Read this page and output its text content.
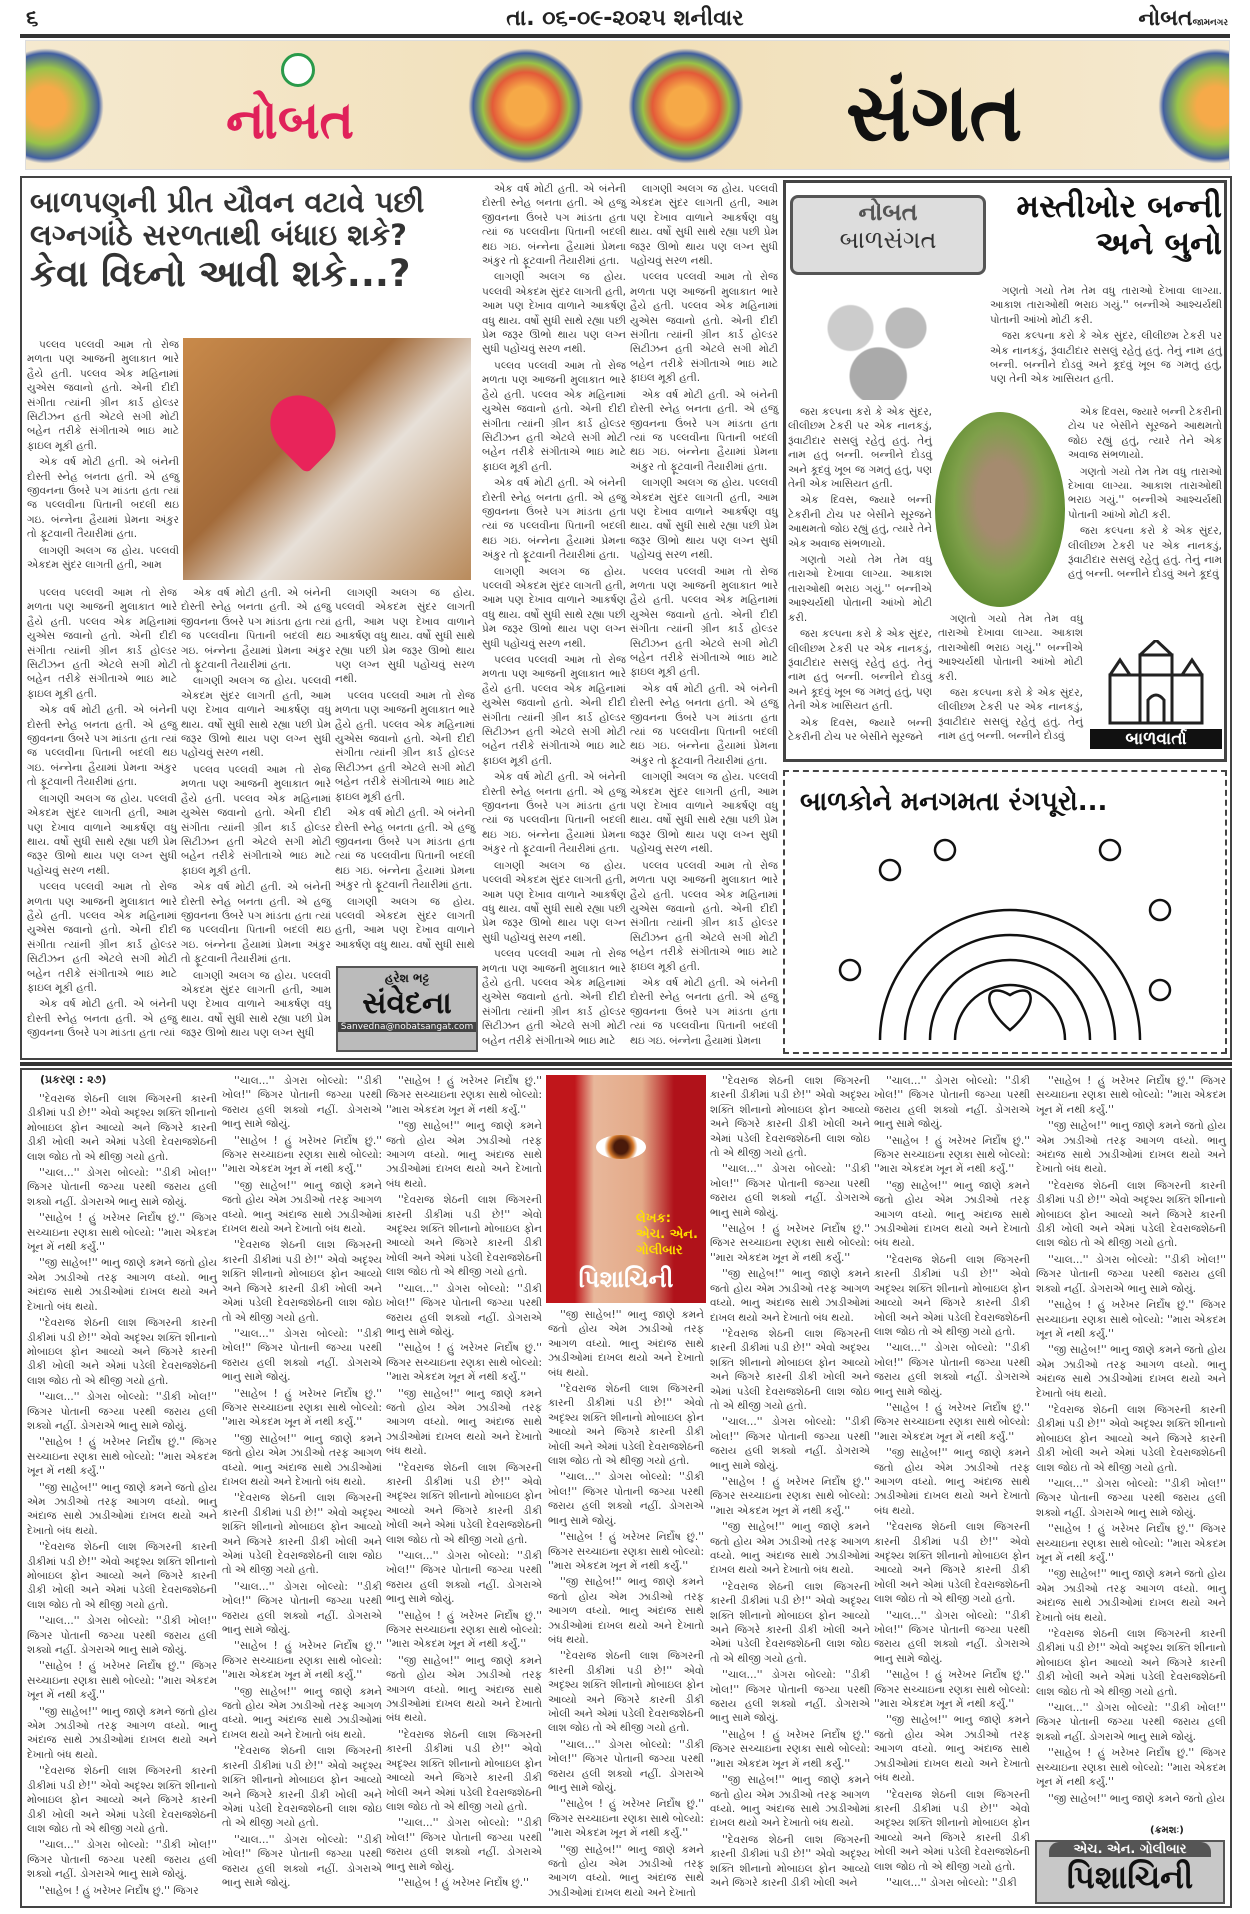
૬	તા. ૦૬-૦૯-૨૦૨૫ શનીવાર	નોબતજામનગર
નોબત	સંગત
બાળપણની પ્રીત યૌવન વટાવે પછી
લગ્નગાંઠે સરળતાથી બંધાઇ શકે?
કેવા વિઘ્નો આવી શકે...?

પલ્લવ પલ્લવી આમ તો રોજ મળતા પણ આજની મુલાકાત ભારે હૈયે હતી. પલ્લવ એક મહિનામાં યુએસ જવાનો હતો. એની દીદી સંગીતા ત્યાંની ગ્રીન કાર્ડ હોલ્ડર સિટીઝન હતી એટલે સગી મોટી બહેન તરીકે સંગીતાએ ભાઇ માટે ફાઇલ મૂકી હતી.

એક વર્ષ મોટી હતી. એ બંનેની દોસ્તી સ્નેહ બનતા હતી. એ હજુ જીવનના ઉંબરે પગ માંડતા હતા ત્યાં જ પલ્લવીના પિતાની બદલી થઇ ગઇ. બંન્નેના હૈયામાં પ્રેમના અંકુર તો ફૂટવાની તૈયારીમાં હતા.

લાગણી અલગ જ હોય. પલ્લવી એકદમ સુંદર લાગતી હતી, આમ

એક વર્ષ મોટી હતી. એ બંનેની દોસ્તી સ્નેહ બનતા હતી. એ હજુ જીવનના ઉંબરે પગ માંડતા હતા ત્યાં જ પલ્લવીના પિતાની બદલી થઇ ગઇ. બંન્નેના હૈયામાં પ્રેમના અંકુર તો ફૂટવાની તૈયારીમાં હતા.

લાગણી અલગ જ હોય. પલ્લવી એકદમ સુંદર લાગતી હતી, આમ પણ દેખાવ વાળાને આકર્ષણ વધુ થાય. વર્ષો સુધી સાથે રહ્યા પછી પ્રેમ જરૂર ઊભો થાય પણ લગ્ન સુધી પહોંચવું સરળ નથી.

પલ્લવ પલ્લવી આમ તો રોજ મળતા પણ આજની મુલાકાત ભારે હૈયે હતી. પલ્લવ એક મહિનામાં યુએસ જવાનો હતો. એની દીદી સંગીતા ત્યાંની ગ્રીન કાર્ડ હોલ્ડર સિટીઝન હતી એટલે સગી મોટી બહેન તરીકે સંગીતાએ ભાઇ માટે ફાઇલ મૂકી હતી.

એક વર્ષ મોટી હતી. એ બંનેની દોસ્તી સ્નેહ બનતા હતી. એ હજુ જીવનના ઉંબરે પગ માંડતા હતા ત્યાં જ પલ્લવીના પિતાની બદલી થઇ ગઇ. બંન્નેના હૈયામાં પ્રેમના અંકુર તો ફૂટવાની તૈયારીમાં હતા.

લાગણી અલગ જ હોય. પલ્લવી એકદમ સુંદર લાગતી હતી, આમ પણ દેખાવ વાળાને આકર્ષણ વધુ થાય. વર્ષો સુધી સાથે રહ્યા પછી પ્રેમ જરૂર ઊભો થાય પણ લગ્ન સુધી પહોંચવું સરળ નથી.

પલ્લવ પલ્લવી આમ તો રોજ મળતા પણ આજની મુલાકાત ભારે હૈયે હતી. પલ્લવ એક મહિનામાં યુએસ જવાનો હતો. એની દીદી સંગીતા ત્યાંની ગ્રીન કાર્ડ હોલ્ડર સિટીઝન હતી એટલે સગી મોટી બહેન તરીકે સંગીતાએ ભાઇ માટે ફાઇલ મૂકી હતી.

એક વર્ષ મોટી હતી. એ બંનેની દોસ્તી સ્નેહ બનતા હતી. એ હજુ જીવનના ઉંબરે પગ માંડતા હતા ત્યાં જ પલ્લવીના પિતાની બદલી થઇ ગઇ. બંન્નેના હૈયામાં પ્રેમના અંકુર તો ફૂટવાની તૈયારીમાં હતા.

લાગણી અલગ જ હોય. પલ્લવી એકદમ સુંદર લાગતી હતી, આમ પણ દેખાવ વાળાને આકર્ષણ વધુ થાય. વર્ષો સુધી સાથે રહ્યા પછી પ્રેમ જરૂર ઊભો થાય પણ લગ્ન સુધી પહોંચવું સરળ નથી.

પલ્લવ પલ્લવી આમ તો રોજ મળતા પણ આજની મુલાકાત ભારે હૈયે હતી. પલ્લવ એક મહિનામાં યુએસ જવાનો હતો. એની દીદી સંગીતા ત્યાંની ગ્રીન કાર્ડ હોલ્ડર સિટીઝન હતી એટલે સગી મોટી બહેન તરીકે સંગીતાએ ભાઇ માટે

લાગણી અલગ જ હોય. પલ્લવી એકદમ સુંદર લાગતી હતી, આમ પણ દેખાવ વાળાને આકર્ષણ વધુ થાય. વર્ષો સુધી સાથે રહ્યા પછી પ્રેમ જરૂર ઊભો થાય પણ લગ્ન સુધી પહોંચવું સરળ નથી.

પલ્લવ પલ્લવી આમ તો રોજ મળતા પણ આજની મુલાકાત ભારે હૈયે હતી. પલ્લવ એક મહિનામાં યુએસ જવાનો હતો. એની દીદી સંગીતા ત્યાંની ગ્રીન કાર્ડ હોલ્ડર સિટીઝન હતી એટલે સગી મોટી બહેન તરીકે સંગીતાએ ભાઇ માટે ફાઇલ મૂકી હતી.

એક વર્ષ મોટી હતી. એ બંનેની દોસ્તી સ્નેહ બનતા હતી. એ હજુ જીવનના ઉંબરે પગ માંડતા હતા ત્યાં જ પલ્લવીના પિતાની બદલી થઇ ગઇ. બંન્નેના હૈયામાં પ્રેમના અંકુર તો ફૂટવાની તૈયારીમાં હતા.

લાગણી અલગ જ હોય. પલ્લવી એકદમ સુંદર લાગતી હતી, આમ પણ દેખાવ વાળાને આકર્ષણ વધુ થાય. વર્ષો સુધી સાથે રહ્યા પછી પ્રેમ જરૂર ઊભો થાય પણ લગ્ન સુધી પહોંચવું સરળ નથી.

પલ્લવ પલ્લવી આમ તો રોજ મળતા પણ આજની મુલાકાત ભારે હૈયે હતી. પલ્લવ એક મહિનામાં યુએસ જવાનો હતો. એની દીદી સંગીતા ત્યાંની ગ્રીન કાર્ડ હોલ્ડર સિટીઝન હતી એટલે સગી મોટી બહેન તરીકે સંગીતાએ ભાઇ માટે ફાઇલ મૂકી હતી.

એક વર્ષ મોટી હતી. એ બંનેની દોસ્તી સ્નેહ બનતા હતી. એ હજુ જીવનના ઉંબરે પગ માંડતા હતા ત્યાં જ પલ્લવીના પિતાની બદલી થઇ ગઇ. બંન્નેના હૈયામાં પ્રેમના અંકુર તો ફૂટવાની તૈયારીમાં હતા.

લાગણી અલગ જ હોય. પલ્લવી એકદમ સુંદર લાગતી હતી, આમ પણ દેખાવ વાળાને આકર્ષણ વધુ થાય. વર્ષો સુધી સાથે રહ્યા પછી પ્રેમ જરૂર ઊભો થાય પણ લગ્ન સુધી પહોંચવું સરળ નથી.

પલ્લવ પલ્લવી આમ તો રોજ મળતા પણ આજની મુલાકાત ભારે હૈયે હતી. પલ્લવ એક મહિનામાં યુએસ જવાનો હતો. એની દીદી સંગીતા ત્યાંની ગ્રીન કાર્ડ હોલ્ડર સિટીઝન હતી એટલે સગી મોટી બહેન તરીકે સંગીતાએ ભાઇ માટે ફાઇલ મૂકી હતી.

એક વર્ષ મોટી હતી. એ બંનેની દોસ્તી સ્નેહ બનતા હતી. એ હજુ જીવનના ઉંબરે પગ માંડતા હતા ત્યાં જ પલ્લવીના પિતાની બદલી થઇ ગઇ. બંન્નેના હૈયામાં પ્રેમના

પલ્લવ પલ્લવી આમ તો રોજ મળતા પણ આજની મુલાકાત ભારે હૈયે હતી. પલ્લવ એક મહિનામાં યુએસ જવાનો હતો. એની દીદી સંગીતા ત્યાંની ગ્રીન કાર્ડ હોલ્ડર સિટીઝન હતી એટલે સગી મોટી બહેન તરીકે સંગીતાએ ભાઇ માટે ફાઇલ મૂકી હતી.

એક વર્ષ મોટી હતી. એ બંનેની દોસ્તી સ્નેહ બનતા હતી. એ હજુ જીવનના ઉંબરે પગ માંડતા હતા ત્યાં જ પલ્લવીના પિતાની બદલી થઇ ગઇ. બંન્નેના હૈયામાં પ્રેમના અંકુર તો ફૂટવાની તૈયારીમાં હતા.

લાગણી અલગ જ હોય. પલ્લવી એકદમ સુંદર લાગતી હતી, આમ પણ દેખાવ વાળાને આકર્ષણ વધુ થાય. વર્ષો સુધી સાથે રહ્યા પછી પ્રેમ જરૂર ઊભો થાય પણ લગ્ન સુધી પહોંચવું સરળ નથી.

પલ્લવ પલ્લવી આમ તો રોજ મળતા પણ આજની મુલાકાત ભારે હૈયે હતી. પલ્લવ એક મહિનામાં યુએસ જવાનો હતો. એની દીદી સંગીતા ત્યાંની ગ્રીન કાર્ડ હોલ્ડર સિટીઝન હતી એટલે સગી મોટી બહેન તરીકે સંગીતાએ ભાઇ માટે ફાઇલ મૂકી હતી.

એક વર્ષ મોટી હતી. એ બંનેની દોસ્તી સ્નેહ બનતા હતી. એ હજુ જીવનના ઉંબરે પગ માંડતા હતા ત્યાં

એક વર્ષ મોટી હતી. એ બંનેની દોસ્તી સ્નેહ બનતા હતી. એ હજુ જીવનના ઉંબરે પગ માંડતા હતા ત્યાં જ પલ્લવીના પિતાની બદલી થઇ ગઇ. બંન્નેના હૈયામાં પ્રેમના અંકુર તો ફૂટવાની તૈયારીમાં હતા.

લાગણી અલગ જ હોય. પલ્લવી એકદમ સુંદર લાગતી હતી, આમ પણ દેખાવ વાળાને આકર્ષણ વધુ થાય. વર્ષો સુધી સાથે રહ્યા પછી પ્રેમ જરૂર ઊભો થાય પણ લગ્ન સુધી પહોંચવું સરળ નથી.

પલ્લવ પલ્લવી આમ તો રોજ મળતા પણ આજની મુલાકાત ભારે હૈયે હતી. પલ્લવ એક મહિનામાં યુએસ જવાનો હતો. એની દીદી સંગીતા ત્યાંની ગ્રીન કાર્ડ હોલ્ડર સિટીઝન હતી એટલે સગી મોટી બહેન તરીકે સંગીતાએ ભાઇ માટે ફાઇલ મૂકી હતી.

એક વર્ષ મોટી હતી. એ બંનેની દોસ્તી સ્નેહ બનતા હતી. એ હજુ જીવનના ઉંબરે પગ માંડતા હતા ત્યાં જ પલ્લવીના પિતાની બદલી થઇ ગઇ. બંન્નેના હૈયામાં પ્રેમના અંકુર તો ફૂટવાની તૈયારીમાં હતા.

લાગણી અલગ જ હોય. પલ્લવી એકદમ સુંદર લાગતી હતી, આમ પણ દેખાવ વાળાને આકર્ષણ વધુ થાય. વર્ષો સુધી સાથે રહ્યા પછી પ્રેમ જરૂર ઊભો થાય પણ લગ્ન સુધી

લાગણી અલગ જ હોય. પલ્લવી એકદમ સુંદર લાગતી હતી, આમ પણ દેખાવ વાળાને આકર્ષણ વધુ થાય. વર્ષો સુધી સાથે રહ્યા પછી પ્રેમ જરૂર ઊભો થાય પણ લગ્ન સુધી પહોંચવું સરળ નથી.

પલ્લવ પલ્લવી આમ તો રોજ મળતા પણ આજની મુલાકાત ભારે હૈયે હતી. પલ્લવ એક મહિનામાં યુએસ જવાનો હતો. એની દીદી સંગીતા ત્યાંની ગ્રીન કાર્ડ હોલ્ડર સિટીઝન હતી એટલે સગી મોટી બહેન તરીકે સંગીતાએ ભાઇ માટે ફાઇલ મૂકી હતી.

એક વર્ષ મોટી હતી. એ બંનેની દોસ્તી સ્નેહ બનતા હતી. એ હજુ જીવનના ઉંબરે પગ માંડતા હતા ત્યાં જ પલ્લવીના પિતાની બદલી થઇ ગઇ. બંન્નેના હૈયામાં પ્રેમના અંકુર તો ફૂટવાની તૈયારીમાં હતા.

લાગણી અલગ જ હોય. પલ્લવી એકદમ સુંદર લાગતી હતી, આમ પણ દેખાવ વાળાને આકર્ષણ વધુ થાય. વર્ષો સુધી સાથે

હરેશ ભટ્ટ
સંવેદના
Sanvedna@nobatsangat.com
નોબત
બાળસંગત
મસ્તીખોર બન્ની
અને બુનો

ગણતો ગયો તેમ તેમ વધુ તારાઓ દેખાવા લાગ્યા. આકાશ તારાઓથી ભરાઇ ગયું.'' બન્નીએ આશ્ચર્યથી પોતાની આંખો મોટી કરી.

જરા કલ્પના કરો કે એક સુંદર, લીલીછમ ટેકરી પર એક નાનકડું, રૂંવાટીદાર સસલું રહેતું હતું. તેનું નામ હતું બન્ની. બન્નીને દોડવું અને કૂદવું ખૂબ જ ગમતું હતું, પણ તેની એક ખાસિયત હતી.

જરા કલ્પના કરો કે એક સુંદર, લીલીછમ ટેકરી પર એક નાનકડું, રૂંવાટીદાર સસલું રહેતું હતું. તેનું નામ હતું બન્ની. બન્નીને દોડવું અને કૂદવું ખૂબ જ ગમતું હતું, પણ તેની એક ખાસિયત હતી.

એક દિવસ, જ્યારે બન્ની ટેકરીની ટોચ પર બેસીને સૂરજને આથમતો જોઇ રહ્યું હતું, ત્યારે તેને એક અવાજ સંભળાયો.

ગણતો ગયો તેમ તેમ વધુ તારાઓ દેખાવા લાગ્યા. આકાશ તારાઓથી ભરાઇ ગયું.'' બન્નીએ આશ્ચર્યથી પોતાની આંખો મોટી કરી.

જરા કલ્પના કરો કે એક સુંદર, લીલીછમ ટેકરી પર એક નાનકડું, રૂંવાટીદાર સસલું રહેતું હતું. તેનું નામ હતું બન્ની. બન્નીને દોડવું અને કૂદવું ખૂબ જ ગમતું હતું, પણ તેની એક ખાસિયત હતી.

એક દિવસ, જ્યારે બન્ની ટેકરીની ટોચ પર બેસીને સૂરજને

એક દિવસ, જ્યારે બન્ની ટેકરીની ટોચ પર બેસીને સૂરજને આથમતો જોઇ રહ્યું હતું, ત્યારે તેને એક અવાજ સંભળાયો.

ગણતો ગયો તેમ તેમ વધુ તારાઓ દેખાવા લાગ્યા. આકાશ તારાઓથી ભરાઇ ગયું.'' બન્નીએ આશ્ચર્યથી પોતાની આંખો મોટી કરી.

જરા કલ્પના કરો કે એક સુંદર, લીલીછમ ટેકરી પર એક નાનકડું, રૂંવાટીદાર સસલું રહેતું હતું. તેનું નામ હતું બન્ની. બન્નીને દોડવું અને કૂદવું

ગણતો ગયો તેમ તેમ વધુ તારાઓ દેખાવા લાગ્યા. આકાશ તારાઓથી ભરાઇ ગયું.'' બન્નીએ આશ્ચર્યથી પોતાની આંખો મોટી કરી.

જરા કલ્પના કરો કે એક સુંદર, લીલીછમ ટેકરી પર એક નાનકડું, રૂંવાટીદાર સસલું રહેતું હતું. તેનું નામ હતું બન્ની. બન્નીને દોડવું	બાળવાર્તા
બાળકોને મનગમતા રંગપૂરો...
(પ્રકરણ : ૨૭)

''દેવરાજ શેઠની લાશ જિગરની કારની ડીકીમાં પડી છે!'' એવો અદૃશ્ય શક્તિ શીનાનો મોબાઇલ ફોન આવ્યો અને જિગરે કારની ડીકી ખોલી અને એમાં પડેલી દેવરાજશેઠની લાશ જોઇ તો એ થીજી ગયો હતો.

''ચાલ...'' ડોગરા બોલ્યો: ''ડીકી ખોલ!'' જિગર પોતાની જગ્યા પરથી જરાય હલી શક્યો નહીં. ડોગરાએ ભાનુ સામે જોયું.

''સાહેબ ! હું ખરેખર નિર્દોષ છું.'' જિગર સચ્ચાઇના રણકા સાથે બોલ્યો: ''મારા એકદમ ખૂન મેં નથી કર્યું.''

''જી સાહેબ!'' ભાનુ જાણે કમને જતો હોય એમ ઝાડીઓ તરફ આગળ વધ્યો. ભાનુ અંદાજ સાથે ઝાડીઓમાં દાખલ થયો અને દેખાતો બંધ થયો.

''દેવરાજ શેઠની લાશ જિગરની કારની ડીકીમાં પડી છે!'' એવો અદૃશ્ય શક્તિ શીનાનો મોબાઇલ ફોન આવ્યો અને જિગરે કારની ડીકી ખોલી અને એમાં પડેલી દેવરાજશેઠની લાશ જોઇ તો એ થીજી ગયો હતો.

''ચાલ...'' ડોગરા બોલ્યો: ''ડીકી ખોલ!'' જિગર પોતાની જગ્યા પરથી જરાય હલી શક્યો નહીં. ડોગરાએ ભાનુ સામે જોયું.

''સાહેબ ! હું ખરેખર નિર્દોષ છું.'' જિગર સચ્ચાઇના રણકા સાથે બોલ્યો: ''મારા એકદમ ખૂન મેં નથી કર્યું.''

''જી સાહેબ!'' ભાનુ જાણે કમને જતો હોય એમ ઝાડીઓ તરફ આગળ વધ્યો. ભાનુ અંદાજ સાથે ઝાડીઓમાં દાખલ થયો અને દેખાતો બંધ થયો.

''દેવરાજ શેઠની લાશ જિગરની કારની ડીકીમાં પડી છે!'' એવો અદૃશ્ય શક્તિ શીનાનો મોબાઇલ ફોન આવ્યો અને જિગરે કારની ડીકી ખોલી અને એમાં પડેલી દેવરાજશેઠની લાશ જોઇ તો એ થીજી ગયો હતો.

''ચાલ...'' ડોગરા બોલ્યો: ''ડીકી ખોલ!'' જિગર પોતાની જગ્યા પરથી જરાય હલી શક્યો નહીં. ડોગરાએ ભાનુ સામે જોયું.

''સાહેબ ! હું ખરેખર નિર્દોષ છું.'' જિગર સચ્ચાઇના રણકા સાથે બોલ્યો: ''મારા એકદમ ખૂન મેં નથી કર્યું.''

''જી સાહેબ!'' ભાનુ જાણે કમને જતો હોય એમ ઝાડીઓ તરફ આગળ વધ્યો. ભાનુ અંદાજ સાથે ઝાડીઓમાં દાખલ થયો અને દેખાતો બંધ થયો.

''દેવરાજ શેઠની લાશ જિગરની કારની ડીકીમાં પડી છે!'' એવો અદૃશ્ય શક્તિ શીનાનો મોબાઇલ ફોન આવ્યો અને જિગરે કારની ડીકી ખોલી અને એમાં પડેલી દેવરાજશેઠની લાશ જોઇ તો એ થીજી ગયો હતો.

''ચાલ...'' ડોગરા બોલ્યો: ''ડીકી ખોલ!'' જિગર પોતાની જગ્યા પરથી જરાય હલી શક્યો નહીં. ડોગરાએ ભાનુ સામે જોયું.

''સાહેબ ! હું ખરેખર નિર્દોષ છું.'' જિગર

''ચાલ...'' ડોગરા બોલ્યો: ''ડીકી ખોલ!'' જિગર પોતાની જગ્યા પરથી જરાય હલી શક્યો નહીં. ડોગરાએ ભાનુ સામે જોયું.

''સાહેબ ! હું ખરેખર નિર્દોષ છું.'' જિગર સચ્ચાઇના રણકા સાથે બોલ્યો: ''મારા એકદમ ખૂન મેં નથી કર્યું.''

''જી સાહેબ!'' ભાનુ જાણે કમને જતો હોય એમ ઝાડીઓ તરફ આગળ વધ્યો. ભાનુ અંદાજ સાથે ઝાડીઓમાં દાખલ થયો અને દેખાતો બંધ થયો.

''દેવરાજ શેઠની લાશ જિગરની કારની ડીકીમાં પડી છે!'' એવો અદૃશ્ય શક્તિ શીનાનો મોબાઇલ ફોન આવ્યો અને જિગરે કારની ડીકી ખોલી અને એમાં પડેલી દેવરાજશેઠની લાશ જોઇ તો એ થીજી ગયો હતો.

''ચાલ...'' ડોગરા બોલ્યો: ''ડીકી ખોલ!'' જિગર પોતાની જગ્યા પરથી જરાય હલી શક્યો નહીં. ડોગરાએ ભાનુ સામે જોયું.

''સાહેબ ! હું ખરેખર નિર્દોષ છું.'' જિગર સચ્ચાઇના રણકા સાથે બોલ્યો: ''મારા એકદમ ખૂન મેં નથી કર્યું.''

''જી સાહેબ!'' ભાનુ જાણે કમને જતો હોય એમ ઝાડીઓ તરફ આગળ વધ્યો. ભાનુ અંદાજ સાથે ઝાડીઓમાં દાખલ થયો અને દેખાતો બંધ થયો.

''દેવરાજ શેઠની લાશ જિગરની કારની ડીકીમાં પડી છે!'' એવો અદૃશ્ય શક્તિ શીનાનો મોબાઇલ ફોન આવ્યો અને જિગરે કારની ડીકી ખોલી અને એમાં પડેલી દેવરાજશેઠની લાશ જોઇ તો એ થીજી ગયો હતો.

''ચાલ...'' ડોગરા બોલ્યો: ''ડીકી ખોલ!'' જિગર પોતાની જગ્યા પરથી જરાય હલી શક્યો નહીં. ડોગરાએ ભાનુ સામે જોયું.

''સાહેબ ! હું ખરેખર નિર્દોષ છું.'' જિગર સચ્ચાઇના રણકા સાથે બોલ્યો: ''મારા એકદમ ખૂન મેં નથી કર્યું.''

''જી સાહેબ!'' ભાનુ જાણે કમને જતો હોય એમ ઝાડીઓ તરફ આગળ વધ્યો. ભાનુ અંદાજ સાથે ઝાડીઓમાં દાખલ થયો અને દેખાતો બંધ થયો.

''દેવરાજ શેઠની લાશ જિગરની કારની ડીકીમાં પડી છે!'' એવો અદૃશ્ય શક્તિ શીનાનો મોબાઇલ ફોન આવ્યો અને જિગરે કારની ડીકી ખોલી અને એમાં પડેલી દેવરાજશેઠની લાશ જોઇ તો એ થીજી ગયો હતો.

''ચાલ...'' ડોગરા બોલ્યો: ''ડીકી ખોલ!'' જિગર પોતાની જગ્યા પરથી જરાય હલી શક્યો નહીં. ડોગરાએ ભાનુ સામે જોયું.

''સાહેબ ! હું ખરેખર નિર્દોષ છું.'' જિગર સચ્ચાઇના રણકા સાથે બોલ્યો: ''મારા એકદમ ખૂન મેં નથી કર્યું.''

''જી સાહેબ!'' ભાનુ જાણે કમને જતો હોય એમ ઝાડીઓ તરફ આગળ વધ્યો. ભાનુ અંદાજ સાથે ઝાડીઓમાં દાખલ થયો અને દેખાતો બંધ થયો.

''દેવરાજ શેઠની લાશ જિગરની કારની ડીકીમાં પડી છે!'' એવો અદૃશ્ય શક્તિ શીનાનો મોબાઇલ ફોન આવ્યો અને જિગરે કારની ડીકી ખોલી અને એમાં પડેલી દેવરાજશેઠની લાશ જોઇ તો એ થીજી ગયો હતો.

''ચાલ...'' ડોગરા બોલ્યો: ''ડીકી ખોલ!'' જિગર પોતાની જગ્યા પરથી જરાય હલી શક્યો નહીં. ડોગરાએ ભાનુ સામે જોયું.

''સાહેબ ! હું ખરેખર નિર્દોષ છું.'' જિગર સચ્ચાઇના રણકા સાથે બોલ્યો: ''મારા એકદમ ખૂન મેં નથી કર્યું.''

''જી સાહેબ!'' ભાનુ જાણે કમને જતો હોય એમ ઝાડીઓ તરફ આગળ વધ્યો. ભાનુ અંદાજ સાથે ઝાડીઓમાં દાખલ થયો અને દેખાતો બંધ થયો.

''દેવરાજ શેઠની લાશ જિગરની કારની ડીકીમાં પડી છે!'' એવો અદૃશ્ય શક્તિ શીનાનો મોબાઇલ ફોન આવ્યો અને જિગરે કારની ડીકી ખોલી અને એમાં પડેલી દેવરાજશેઠની લાશ જોઇ તો એ થીજી ગયો હતો.

''ચાલ...'' ડોગરા બોલ્યો: ''ડીકી ખોલ!'' જિગર પોતાની જગ્યા પરથી જરાય હલી શક્યો નહીં. ડોગરાએ ભાનુ સામે જોયું.

''સાહેબ ! હું ખરેખર નિર્દોષ છું.'' જિગર સચ્ચાઇના રણકા સાથે બોલ્યો: ''મારા એકદમ ખૂન મેં નથી કર્યું.''

''જી સાહેબ!'' ભાનુ જાણે કમને જતો હોય એમ ઝાડીઓ તરફ આગળ વધ્યો. ભાનુ અંદાજ સાથે ઝાડીઓમાં દાખલ થયો અને દેખાતો બંધ થયો.

''દેવરાજ શેઠની લાશ જિગરની કારની ડીકીમાં પડી છે!'' એવો અદૃશ્ય શક્તિ શીનાનો મોબાઇલ ફોન આવ્યો અને જિગરે કારની ડીકી ખોલી અને એમાં પડેલી દેવરાજશેઠની લાશ જોઇ તો એ થીજી ગયો હતો.

''ચાલ...'' ડોગરા બોલ્યો: ''ડીકી ખોલ!'' જિગર પોતાની જગ્યા પરથી જરાય હલી શક્યો નહીં. ડોગરાએ ભાનુ સામે જોયું.

''સાહેબ ! હું ખરેખર નિર્દોષ છું.''

લેખક:
એચ. એન. ગોલીબાર
પિશાચિની

''જી સાહેબ!'' ભાનુ જાણે કમને જતો હોય એમ ઝાડીઓ તરફ આગળ વધ્યો. ભાનુ અંદાજ સાથે ઝાડીઓમાં દાખલ થયો અને દેખાતો બંધ થયો.

''દેવરાજ શેઠની લાશ જિગરની કારની ડીકીમાં પડી છે!'' એવો અદૃશ્ય શક્તિ શીનાનો મોબાઇલ ફોન આવ્યો અને જિગરે કારની ડીકી ખોલી અને એમાં પડેલી દેવરાજશેઠની લાશ જોઇ તો એ થીજી ગયો હતો.

''ચાલ...'' ડોગરા બોલ્યો: ''ડીકી ખોલ!'' જિગર પોતાની જગ્યા પરથી જરાય હલી શક્યો નહીં. ડોગરાએ ભાનુ સામે જોયું.

''સાહેબ ! હું ખરેખર નિર્દોષ છું.'' જિગર સચ્ચાઇના રણકા સાથે બોલ્યો: ''મારા એકદમ ખૂન મેં નથી કર્યું.''

''જી સાહેબ!'' ભાનુ જાણે કમને જતો હોય એમ ઝાડીઓ તરફ આગળ વધ્યો. ભાનુ અંદાજ સાથે ઝાડીઓમાં દાખલ થયો અને દેખાતો બંધ થયો.

''દેવરાજ શેઠની લાશ જિગરની કારની ડીકીમાં પડી છે!'' એવો અદૃશ્ય શક્તિ શીનાનો મોબાઇલ ફોન આવ્યો અને જિગરે કારની ડીકી ખોલી અને એમાં પડેલી દેવરાજશેઠની લાશ જોઇ તો એ થીજી ગયો હતો.

''ચાલ...'' ડોગરા બોલ્યો: ''ડીકી ખોલ!'' જિગર પોતાની જગ્યા પરથી જરાય હલી શક્યો નહીં. ડોગરાએ ભાનુ સામે જોયું.

''સાહેબ ! હું ખરેખર નિર્દોષ છું.'' જિગર સચ્ચાઇના રણકા સાથે બોલ્યો: ''મારા એકદમ ખૂન મેં નથી કર્યું.''

''જી સાહેબ!'' ભાનુ જાણે કમને જતો હોય એમ ઝાડીઓ તરફ આગળ વધ્યો. ભાનુ અંદાજ સાથે ઝાડીઓમાં દાખલ થયો અને દેખાતો

''દેવરાજ શેઠની લાશ જિગરની કારની ડીકીમાં પડી છે!'' એવો અદૃશ્ય શક્તિ શીનાનો મોબાઇલ ફોન આવ્યો અને જિગરે કારની ડીકી ખોલી અને એમાં પડેલી દેવરાજશેઠની લાશ જોઇ તો એ થીજી ગયો હતો.

''ચાલ...'' ડોગરા બોલ્યો: ''ડીકી ખોલ!'' જિગર પોતાની જગ્યા પરથી જરાય હલી શક્યો નહીં. ડોગરાએ ભાનુ સામે જોયું.

''સાહેબ ! હું ખરેખર નિર્દોષ છું.'' જિગર સચ્ચાઇના રણકા સાથે બોલ્યો: ''મારા એકદમ ખૂન મેં નથી કર્યું.''

''જી સાહેબ!'' ભાનુ જાણે કમને જતો હોય એમ ઝાડીઓ તરફ આગળ વધ્યો. ભાનુ અંદાજ સાથે ઝાડીઓમાં દાખલ થયો અને દેખાતો બંધ થયો.

''દેવરાજ શેઠની લાશ જિગરની કારની ડીકીમાં પડી છે!'' એવો અદૃશ્ય શક્તિ શીનાનો મોબાઇલ ફોન આવ્યો અને જિગરે કારની ડીકી ખોલી અને એમાં પડેલી દેવરાજશેઠની લાશ જોઇ તો એ થીજી ગયો હતો.

''ચાલ...'' ડોગરા બોલ્યો: ''ડીકી ખોલ!'' જિગર પોતાની જગ્યા પરથી જરાય હલી શક્યો નહીં. ડોગરાએ ભાનુ સામે જોયું.

''સાહેબ ! હું ખરેખર નિર્દોષ છું.'' જિગર સચ્ચાઇના રણકા સાથે બોલ્યો: ''મારા એકદમ ખૂન મેં નથી કર્યું.''

''જી સાહેબ!'' ભાનુ જાણે કમને જતો હોય એમ ઝાડીઓ તરફ આગળ વધ્યો. ભાનુ અંદાજ સાથે ઝાડીઓમાં દાખલ થયો અને દેખાતો બંધ થયો.

''દેવરાજ શેઠની લાશ જિગરની કારની ડીકીમાં પડી છે!'' એવો અદૃશ્ય શક્તિ શીનાનો મોબાઇલ ફોન આવ્યો અને જિગરે કારની ડીકી ખોલી અને એમાં પડેલી દેવરાજશેઠની લાશ જોઇ તો એ થીજી ગયો હતો.

''ચાલ...'' ડોગરા બોલ્યો: ''ડીકી ખોલ!'' જિગર પોતાની જગ્યા પરથી જરાય હલી શક્યો નહીં. ડોગરાએ ભાનુ સામે જોયું.

''સાહેબ ! હું ખરેખર નિર્દોષ છું.'' જિગર સચ્ચાઇના રણકા સાથે બોલ્યો: ''મારા એકદમ ખૂન મેં નથી કર્યું.''

''જી સાહેબ!'' ભાનુ જાણે કમને જતો હોય એમ ઝાડીઓ તરફ આગળ વધ્યો. ભાનુ અંદાજ સાથે ઝાડીઓમાં દાખલ થયો અને દેખાતો બંધ થયો.

''દેવરાજ શેઠની લાશ જિગરની કારની ડીકીમાં પડી છે!'' એવો અદૃશ્ય શક્તિ શીનાનો મોબાઇલ ફોન આવ્યો અને જિગરે કારની ડીકી ખોલી અને

''ચાલ...'' ડોગરા બોલ્યો: ''ડીકી ખોલ!'' જિગર પોતાની જગ્યા પરથી જરાય હલી શક્યો નહીં. ડોગરાએ ભાનુ સામે જોયું.

''સાહેબ ! હું ખરેખર નિર્દોષ છું.'' જિગર સચ્ચાઇના રણકા સાથે બોલ્યો: ''મારા એકદમ ખૂન મેં નથી કર્યું.''

''જી સાહેબ!'' ભાનુ જાણે કમને જતો હોય એમ ઝાડીઓ તરફ આગળ વધ્યો. ભાનુ અંદાજ સાથે ઝાડીઓમાં દાખલ થયો અને દેખાતો બંધ થયો.

''દેવરાજ શેઠની લાશ જિગરની કારની ડીકીમાં પડી છે!'' એવો અદૃશ્ય શક્તિ શીનાનો મોબાઇલ ફોન આવ્યો અને જિગરે કારની ડીકી ખોલી અને એમાં પડેલી દેવરાજશેઠની લાશ જોઇ તો એ થીજી ગયો હતો.

''ચાલ...'' ડોગરા બોલ્યો: ''ડીકી ખોલ!'' જિગર પોતાની જગ્યા પરથી જરાય હલી શક્યો નહીં. ડોગરાએ ભાનુ સામે જોયું.

''સાહેબ ! હું ખરેખર નિર્દોષ છું.'' જિગર સચ્ચાઇના રણકા સાથે બોલ્યો: ''મારા એકદમ ખૂન મેં નથી કર્યું.''

''જી સાહેબ!'' ભાનુ જાણે કમને જતો હોય એમ ઝાડીઓ તરફ આગળ વધ્યો. ભાનુ અંદાજ સાથે ઝાડીઓમાં દાખલ થયો અને દેખાતો બંધ થયો.

''દેવરાજ શેઠની લાશ જિગરની કારની ડીકીમાં પડી છે!'' એવો અદૃશ્ય શક્તિ શીનાનો મોબાઇલ ફોન આવ્યો અને જિગરે કારની ડીકી ખોલી અને એમાં પડેલી દેવરાજશેઠની લાશ જોઇ તો એ થીજી ગયો હતો.

''ચાલ...'' ડોગરા બોલ્યો: ''ડીકી ખોલ!'' જિગર પોતાની જગ્યા પરથી જરાય હલી શક્યો નહીં. ડોગરાએ ભાનુ સામે જોયું.

''સાહેબ ! હું ખરેખર નિર્દોષ છું.'' જિગર સચ્ચાઇના રણકા સાથે બોલ્યો: ''મારા એકદમ ખૂન મેં નથી કર્યું.''

''જી સાહેબ!'' ભાનુ જાણે કમને જતો હોય એમ ઝાડીઓ તરફ આગળ વધ્યો. ભાનુ અંદાજ સાથે ઝાડીઓમાં દાખલ થયો અને દેખાતો બંધ થયો.

''દેવરાજ શેઠની લાશ જિગરની કારની ડીકીમાં પડી છે!'' એવો અદૃશ્ય શક્તિ શીનાનો મોબાઇલ ફોન આવ્યો અને જિગરે કારની ડીકી ખોલી અને એમાં પડેલી દેવરાજશેઠની લાશ જોઇ તો એ થીજી ગયો હતો.

''ચાલ...'' ડોગરા બોલ્યો: ''ડીકી

''સાહેબ ! હું ખરેખર નિર્દોષ છું.'' જિગર સચ્ચાઇના રણકા સાથે બોલ્યો: ''મારા એકદમ ખૂન મેં નથી કર્યું.''

''જી સાહેબ!'' ભાનુ જાણે કમને જતો હોય એમ ઝાડીઓ તરફ આગળ વધ્યો. ભાનુ અંદાજ સાથે ઝાડીઓમાં દાખલ થયો અને દેખાતો બંધ થયો.

''દેવરાજ શેઠની લાશ જિગરની કારની ડીકીમાં પડી છે!'' એવો અદૃશ્ય શક્તિ શીનાનો મોબાઇલ ફોન આવ્યો અને જિગરે કારની ડીકી ખોલી અને એમાં પડેલી દેવરાજશેઠની લાશ જોઇ તો એ થીજી ગયો હતો.

''ચાલ...'' ડોગરા બોલ્યો: ''ડીકી ખોલ!'' જિગર પોતાની જગ્યા પરથી જરાય હલી શક્યો નહીં. ડોગરાએ ભાનુ સામે જોયું.

''સાહેબ ! હું ખરેખર નિર્દોષ છું.'' જિગર સચ્ચાઇના રણકા સાથે બોલ્યો: ''મારા એકદમ ખૂન મેં નથી કર્યું.''

''જી સાહેબ!'' ભાનુ જાણે કમને જતો હોય એમ ઝાડીઓ તરફ આગળ વધ્યો. ભાનુ અંદાજ સાથે ઝાડીઓમાં દાખલ થયો અને દેખાતો બંધ થયો.

''દેવરાજ શેઠની લાશ જિગરની કારની ડીકીમાં પડી છે!'' એવો અદૃશ્ય શક્તિ શીનાનો મોબાઇલ ફોન આવ્યો અને જિગરે કારની ડીકી ખોલી અને એમાં પડેલી દેવરાજશેઠની લાશ જોઇ તો એ થીજી ગયો હતો.

''ચાલ...'' ડોગરા બોલ્યો: ''ડીકી ખોલ!'' જિગર પોતાની જગ્યા પરથી જરાય હલી શક્યો નહીં. ડોગરાએ ભાનુ સામે જોયું.

''સાહેબ ! હું ખરેખર નિર્દોષ છું.'' જિગર સચ્ચાઇના રણકા સાથે બોલ્યો: ''મારા એકદમ ખૂન મેં નથી કર્યું.''

''જી સાહેબ!'' ભાનુ જાણે કમને જતો હોય એમ ઝાડીઓ તરફ આગળ વધ્યો. ભાનુ અંદાજ સાથે ઝાડીઓમાં દાખલ થયો અને દેખાતો બંધ થયો.

''દેવરાજ શેઠની લાશ જિગરની કારની ડીકીમાં પડી છે!'' એવો અદૃશ્ય શક્તિ શીનાનો મોબાઇલ ફોન આવ્યો અને જિગરે કારની ડીકી ખોલી અને એમાં પડેલી દેવરાજશેઠની લાશ જોઇ તો એ થીજી ગયો હતો.

''ચાલ...'' ડોગરા બોલ્યો: ''ડીકી ખોલ!'' જિગર પોતાની જગ્યા પરથી જરાય હલી શક્યો નહીં. ડોગરાએ ભાનુ સામે જોયું.

''સાહેબ ! હું ખરેખર નિર્દોષ છું.'' જિગર સચ્ચાઇના રણકા સાથે બોલ્યો: ''મારા એકદમ ખૂન મેં નથી કર્યું.''

''જી સાહેબ!'' ભાનુ જાણે કમને જતો હોય

(ક્રમશઃ)
એચ. એન. ગોલીબાર
પિશાચિની
